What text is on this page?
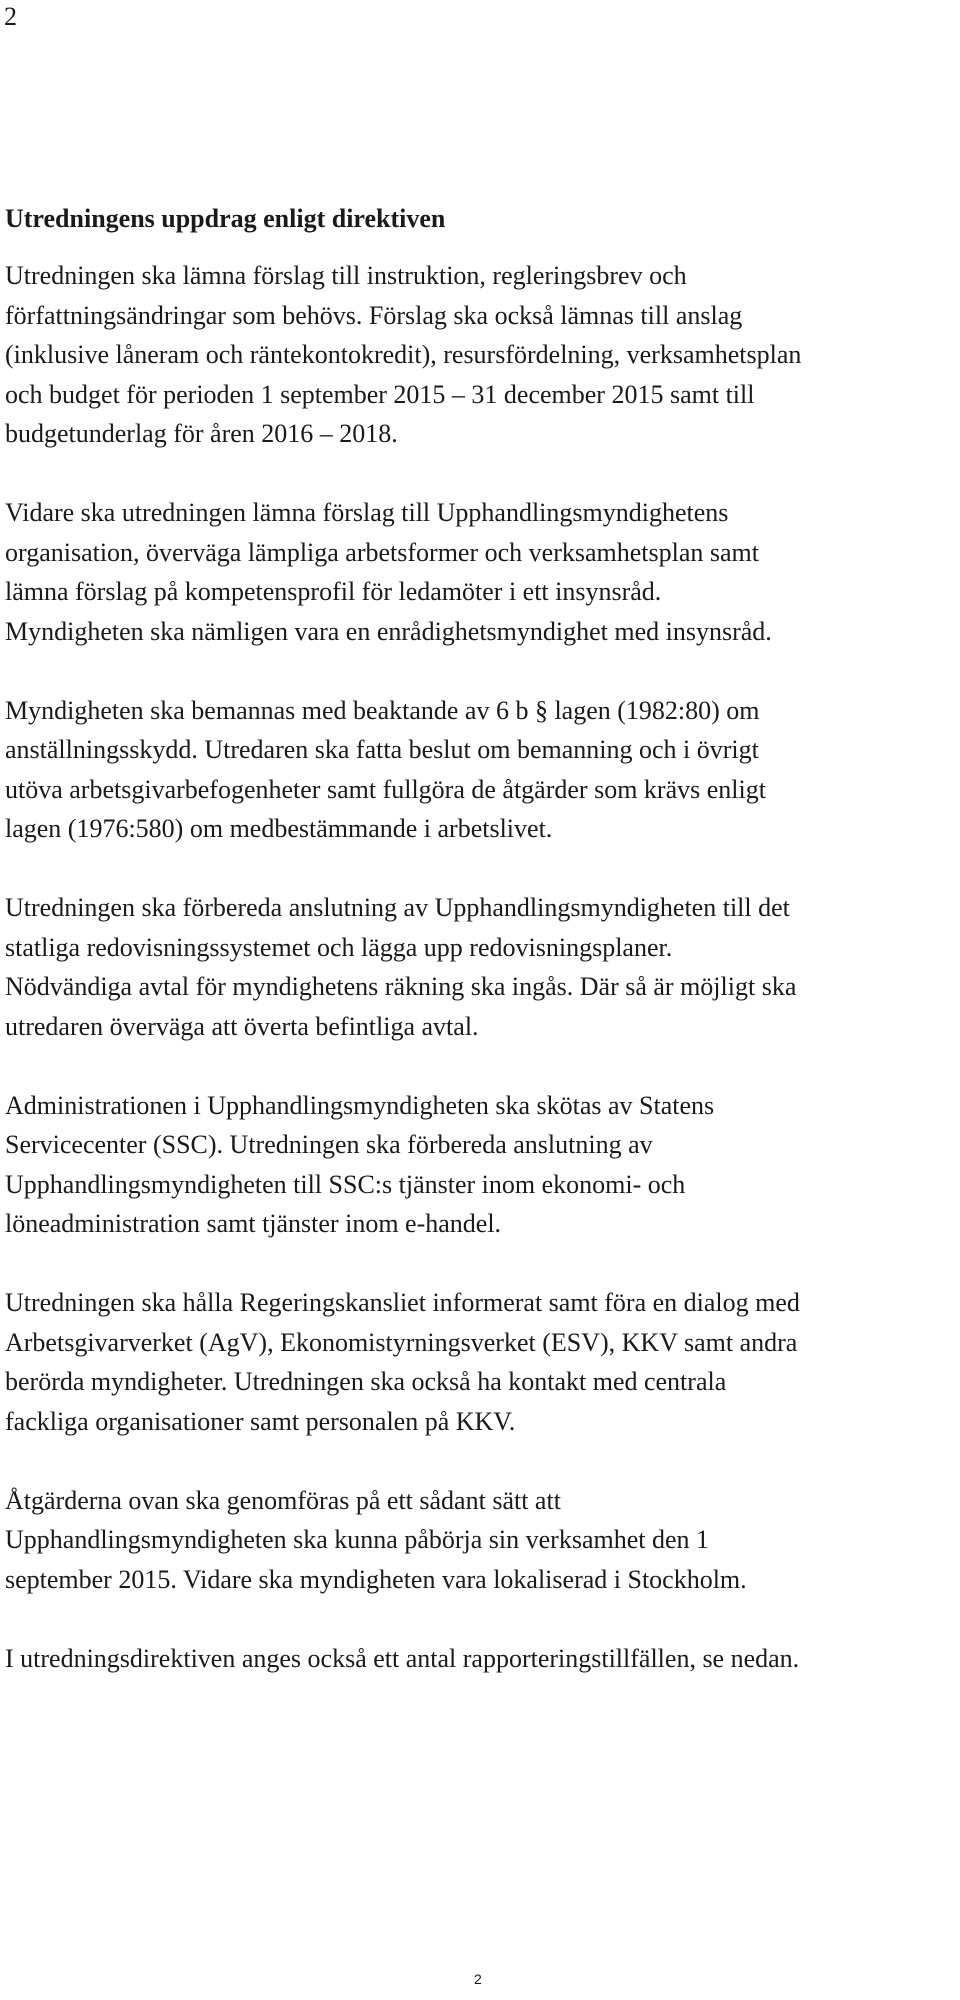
2
Utredningens uppdrag enligt direktiven

Utredningen ska lämna förslag till instruktion, regleringsbrev och
författningsändringar som behövs. Förslag ska också lämnas till anslag
(inklusive låneram och räntekontokredit), resursfördelning, verksamhetsplan
och budget för perioden 1 september 2015 – 31 december 2015 samt till
budgetunderlag för åren 2016 – 2018.

Vidare ska utredningen lämna förslag till Upphandlingsmyndighetens
organisation, överväga lämpliga arbetsformer och verksamhetsplan samt
lämna förslag på kompetensprofil för ledamöter i ett insynsråd.
Myndigheten ska nämligen vara en enrådighetsmyndighet med insynsråd.

Myndigheten ska bemannas med beaktande av 6 b § lagen (1982:80) om
anställningsskydd. Utredaren ska fatta beslut om bemanning och i övrigt
utöva arbetsgivarbefogenheter samt fullgöra de åtgärder som krävs enligt
lagen (1976:580) om medbestämmande i arbetslivet.

Utredningen ska förbereda anslutning av Upphandlingsmyndigheten till det
statliga redovisningssystemet och lägga upp redovisningsplaner.
Nödvändiga avtal för myndighetens räkning ska ingås. Där så är möjligt ska
utredaren överväga att överta befintliga avtal.

Administrationen i Upphandlingsmyndigheten ska skötas av Statens
Servicecenter (SSC). Utredningen ska förbereda anslutning av
Upphandlingsmyndigheten till SSC:s tjänster inom ekonomi- och
löneadministration samt tjänster inom e-handel.

Utredningen ska hålla Regeringskansliet informerat samt föra en dialog med
Arbetsgivarverket (AgV), Ekonomistyrningsverket (ESV), KKV samt andra
berörda myndigheter. Utredningen ska också ha kontakt med centrala
fackliga organisationer samt personalen på KKV.

Åtgärderna ovan ska genomföras på ett sådant sätt att
Upphandlingsmyndigheten ska kunna påbörja sin verksamhet den 1
september 2015. Vidare ska myndigheten vara lokaliserad i Stockholm.

I utredningsdirektiven anges också ett antal rapporteringstillfällen, se nedan.

2
